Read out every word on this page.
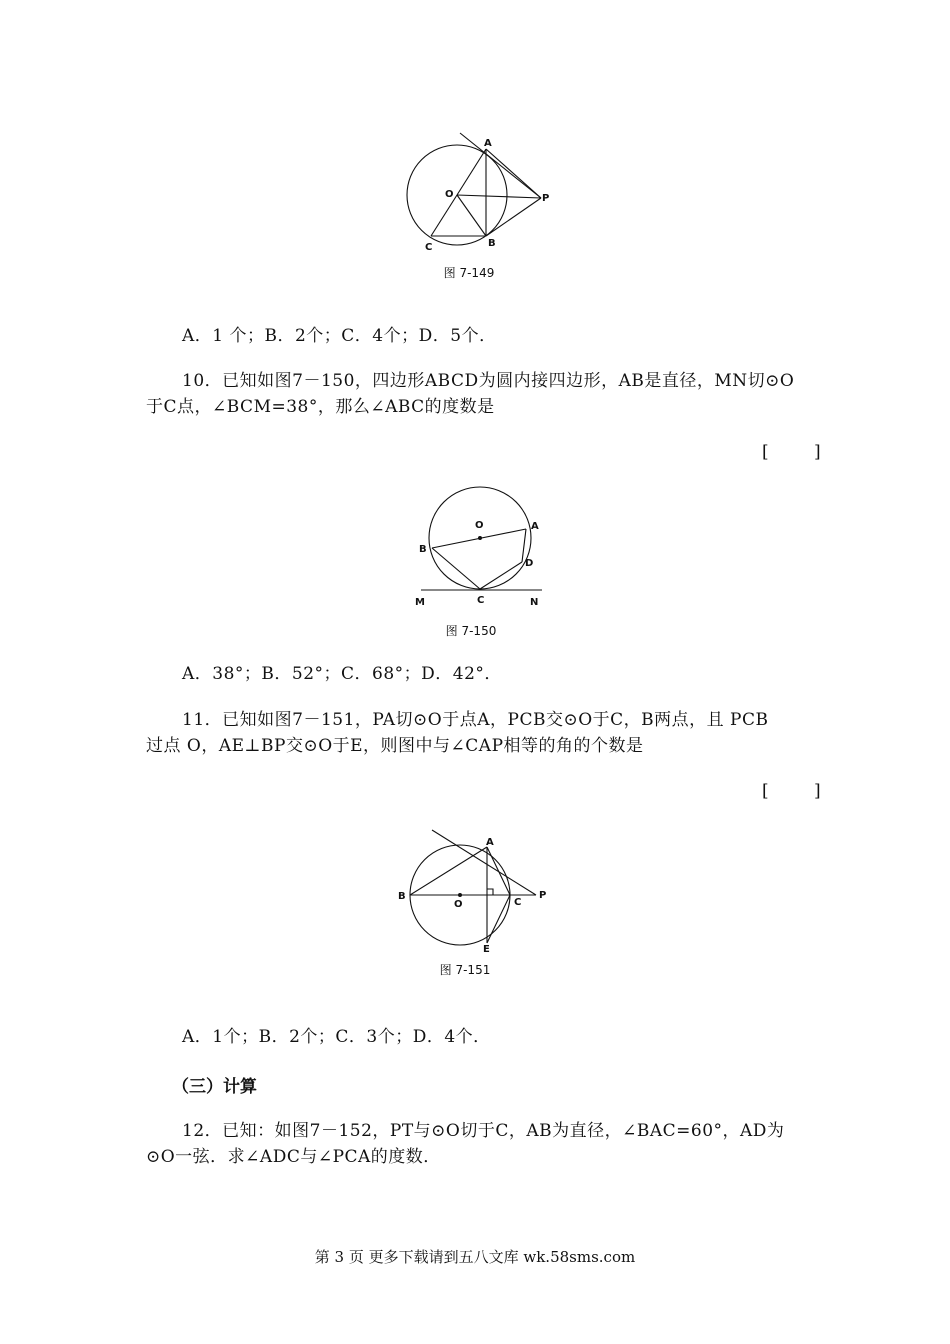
A
O	P
B
C
图 7-149
A．1 个；B．2个；C．4个；D．5个．
10．已知如图7－150，四边形ABCD为圆内接四边形，AB是直径，MN切⊙O
于C点，∠BCM=38°，那么∠ABC的度数是
[ ]
O	A
B
D
C
M	N
图 7-150
A．38°；B．52°；C．68°；D．42°．
11．已知如图7－151，PA切⊙O于点A，PCB交⊙O于C，B两点，且 PCB
过点 O，AE⊥BP交⊙O于E，则图中与∠CAP相等的角的个数是
[ ]
A
B
O	C
P
E
图 7-151
A．1个；B．2个；C．3个；D．4个．
（三）计算
12．已知：如图7－152，PT与⊙O切于C，AB为直径，∠BAC=60°，AD为
⊙O一弦．求∠ADC与∠PCA的度数．
第 3 页 更多下载请到五八文库 wk.58sms.com
